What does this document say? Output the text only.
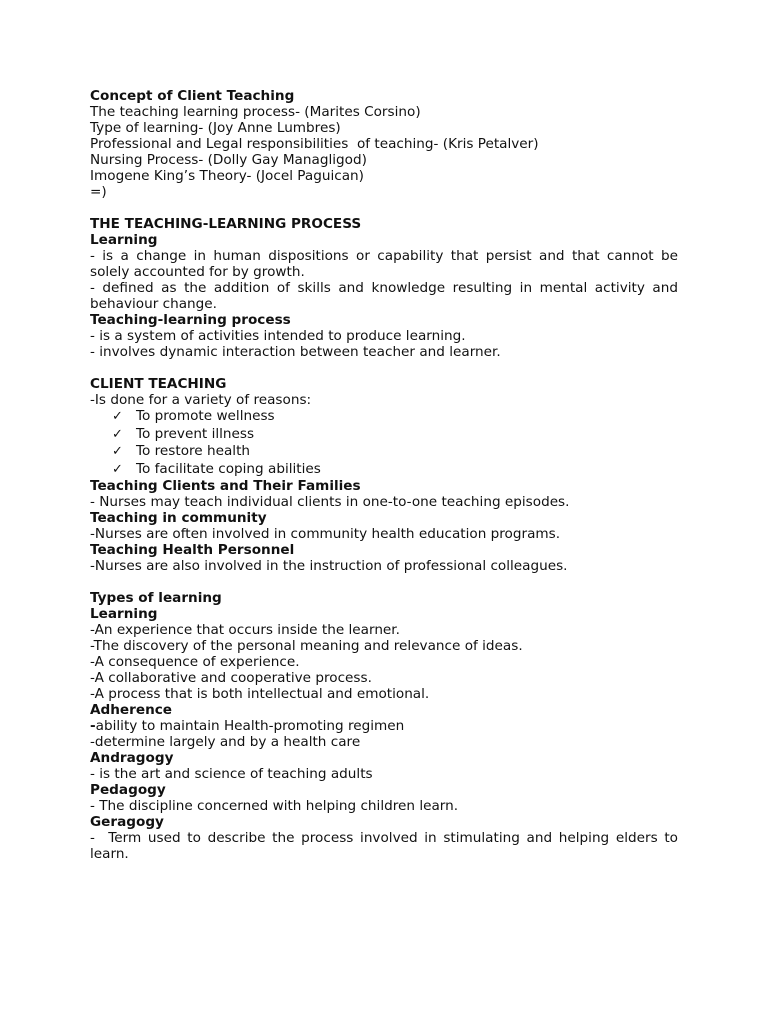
Concept of Client Teaching
The teaching learning process- (Marites Corsino)
Type of learning- (Joy Anne Lumbres)
Professional and Legal responsibilities  of teaching- (Kris Petalver)
Nursing Process- (Dolly Gay Managligod)
Imogene King’s Theory- (Jocel Paguican)
=)
THE TEACHING-LEARNING PROCESS
Learning

- is a change in human dispositions or capability that persist and that cannot be solely accounted for by growth.

- defined as the addition of skills and knowledge resulting in mental activity and behaviour change.

Teaching-learning process
- is a system of activities intended to produce learning.
- involves dynamic interaction between teacher and learner.
CLIENT TEACHING
-Is done for a variety of reasons:
✓ To promote wellness
✓ To prevent illness
✓ To restore health
✓ To facilitate coping abilities
Teaching Clients and Their Families
- Nurses may teach individual clients in one-to-one teaching episodes.
Teaching in community
-Nurses are often involved in community health education programs.
Teaching Health Personnel
-Nurses are also involved in the instruction of professional colleagues.
Types of learning
Learning
-An experience that occurs inside the learner.
-The discovery of the personal meaning and relevance of ideas.
-A consequence of experience.
-A collaborative and cooperative process.
-A process that is both intellectual and emotional.
Adherence
-ability to maintain Health-promoting regimen
-determine largely and by a health care
Andragogy
- is the art and science of teaching adults
Pedagogy
- The discipline concerned with helping children learn.
Geragogy

-  Term used to describe the process involved in stimulating and helping elders to learn.
